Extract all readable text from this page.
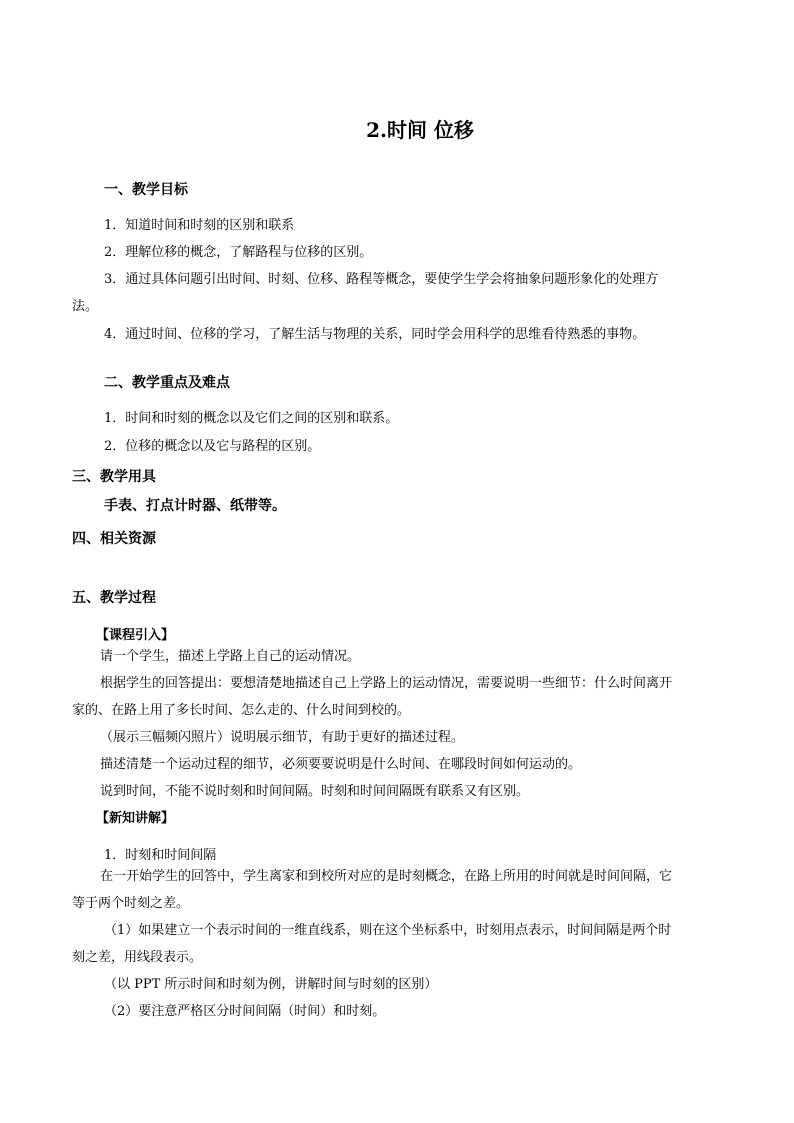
2.时间 位移
一、教学目标
1．知道时间和时刻的区别和联系
2．理解位移的概念，了解路程与位移的区别。
3．通过具体问题引出时间、时刻、位移、路程等概念，要使学生学会将抽象问题形象化的处理方
法。
4．通过时间、位移的学习，了解生活与物理的关系，同时学会用科学的思维看待熟悉的事物。
二、教学重点及难点
1．时间和时刻的概念以及它们之间的区别和联系。
2．位移的概念以及它与路程的区别。
三、教学用具
手表、打点计时器、纸带等。
四、相关资源
五、教学过程
【课程引入】
请一个学生，描述上学路上自己的运动情况。
根据学生的回答提出：要想清楚地描述自己上学路上的运动情况，需要说明一些细节：什么时间离开
家的、在路上用了多长时间、怎么走的、什么时间到校的。
（展示三幅频闪照片）说明展示细节，有助于更好的描述过程。
描述清楚一个运动过程的细节，必须要要说明是什么时间、在哪段时间如何运动的。
说到时间，不能不说时刻和时间间隔。时刻和时间间隔既有联系又有区别。
【新知讲解】
1．时刻和时间间隔
在一开始学生的回答中，学生离家和到校所对应的是时刻概念，在路上所用的时间就是时间间隔，它
等于两个时刻之差。
（1）如果建立一个表示时间的一维直线系，则在这个坐标系中，时刻用点表示，时间间隔是两个时
刻之差，用线段表示。
（以 PPT 所示时间和时刻为例，讲解时间与时刻的区别）
（2）要注意严格区分时间间隔（时间）和时刻。
